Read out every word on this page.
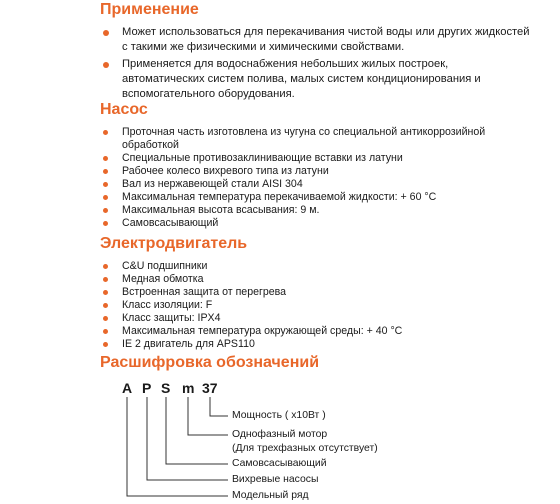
Применение
Может использоваться для перекачивания чистой воды или других жидкостей с такими же физическими и химическими свойствами.
Применяется для водоснабжения небольших жилых построек, автоматических систем полива, малых систем кондиционирования и вспомогательного оборудования.
Насос
Проточная часть изготовлена из чугуна со специальной антикоррозийной обработкой
Специальные противозаклинивающие вставки из латуни
Рабочее колесо вихревого типа из латуни
Вал из нержавеющей стали AISI 304
Максимальная температура перекачиваемой жидкости: + 60 °С
Максимальная высота всасывания: 9 м.
Самовсасывающий
Электродвигатель
C&U подшипники
Медная обмотка
Встроенная защита от перегрева
Класс изоляции: F
Класс защиты: IPX4
Максимальная температура окружающей среды: + 40 °С
IE 2 двигатель для APS110
Расшифровка обозначений
A P S m 37
Мощность ( х10Вт )
Однофазный мотор
(Для трехфазных отсутствует)
Самовсасывающий
Вихревые насосы
Модельный ряд
